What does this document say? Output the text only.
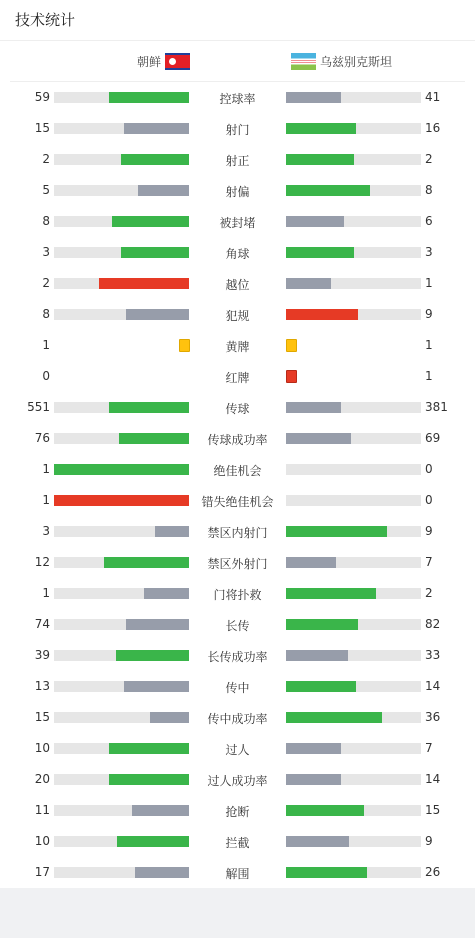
技术统计
朝鲜	乌兹别克斯坦
59	控球率	41
15	射门	16
2	射正	2
5	射偏	8
8	被封堵	6
3	角球	3
2	越位	1
8	犯规	9
1	黄牌	1
0	红牌	1
551	传球	381
76	传球成功率	69
1	绝佳机会	0
1	错失绝佳机会	0
3	禁区内射门	9
12	禁区外射门	7
1	门将扑救	2
74	长传	82
39	长传成功率	33
13	传中	14
15	传中成功率	36
10	过人	7
20	过人成功率	14
11	抢断	15
10	拦截	9
17	解围	26
